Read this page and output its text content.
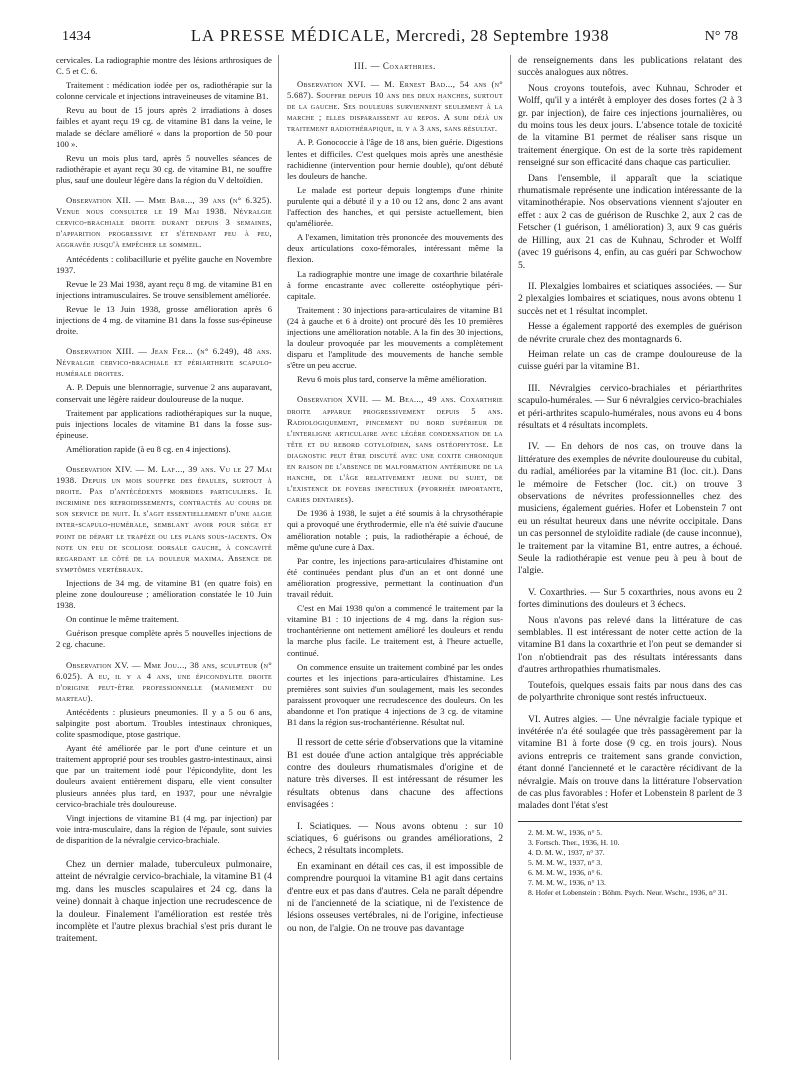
1434	LA PRESSE MÉDICALE, Mercredi, 28 Septembre 1938	N° 78

cervicales. La radiographie montre des lésions arthrosiques de C. 5 et C. 6.

Traitement : médication iodée per os, radiothérapie sur la colonne cervicale et injections intraveineuses de vitamine B1.

Revu au bout de 15 jours après 2 irradiations à doses faibles et ayant reçu 19 cg. de vitamine B1 dans la veine, le malade se déclare amélioré « dans la proportion de 50 pour 100 ».

Revu un mois plus tard, après 5 nouvelles séances de radiothérapie et ayant reçu 30 cg. de vitamine B1, ne souffre plus, sauf une douleur légère dans la région du V deltoïdien.

Observation XII. — Mme Bar..., 39 ans (n° 6.325). Venue nous consulter le 19 Mai 1938. Névralgie cervico-brachiale droite durant depuis 3 semaines, d'apparition progressive et s'étendant peu à peu, aggravée jusqu'à empêcher le sommeil.

Antécédents : colibacillurie et pyélite gauche en Novembre 1937.

Revue le 23 Mai 1938, ayant reçu 8 mg. de vitamine B1 en injections intramusculaires. Se trouve sensiblement améliorée.

Revue le 13 Juin 1938, grosse amélioration après 6 injections de 4 mg. de vitamine B1 dans la fosse sus-épineuse droite.

Observation XIII. — Jean Fer... (n° 6.249), 48 ans. Névralgie cervico-brachiale et périarthrite scapulo-humérale droites.

A. P. Depuis une blennorragie, survenue 2 ans auparavant, conservait une légère raideur douloureuse de la nuque.

Traitement par applications radiothérapiques sur la nuque, puis injections locales de vitamine B1 dans la fosse sus-épineuse.

Amélioration rapide (à eu 8 cg. en 4 injections).

Observation XIV. — M. Laf..., 39 ans. Vu le 27 Mai 1938. Depuis un mois souffre des épaules, surtout à droite. Pas d'antécédents morbides particuliers. Il incrimine des refroidissements, contractés au cours de son service de nuit. Il s'agit essentiellement d'une algie inter-scapulo-humérale, semblant avoir pour siège et point de départ le trapèze ou les plans sous-jacents. On note un peu de scoliose dorsale gauche, à concavité regardant le côté de la douleur maxima. Absence de symptômes vertébraux.

Injections de 34 mg. de vitamine B1 (en quatre fois) en pleine zone douloureuse ; amélioration constatée le 10 Juin 1938.

On continue le même traitement.

Guérison presque complète après 5 nouvelles injections de 2 cg. chacune.

Observation XV. — Mme Jou..., 38 ans, sculpteur (n° 6.025). A eu, il y a 4 ans, une épicondylite droite d'origine peut-être professionnelle (maniement du marteau).

Antécédents : plusieurs pneumonies. Il y a 5 ou 6 ans, salpingite post abortum. Troubles intestinaux chroniques, colite spasmodique, ptose gastrique.

Ayant été améliorée par le port d'une ceinture et un traitement approprié pour ses troubles gastro-intestinaux, ainsi que par un traitement iodé pour l'épicondylite, dont les douleurs avaient entièrement disparu, elle vient consulter plusieurs années plus tard, en 1937, pour une névralgie cervico-brachiale très douloureuse.

Vingt injections de vitamine B1 (4 mg. par injection) par voie intra-musculaire, dans la région de l'épaule, sont suivies de disparition de la névralgie cervico-brachiale.

Chez un dernier malade, tuberculeux pulmonaire, atteint de névralgie cervico-brachiale, la vitamine B1 (4 mg. dans les muscles scapulaires et 24 cg. dans la veine) donnait à chaque injection une recrudescence de la douleur. Finalement l'amélioration est restée très incomplète et l'autre plexus brachial s'est pris durant le traitement.

III. — Coxarthries.

Observation XVI. — M. Ernest Bad..., 54 ans (n° 5.687). Souffre depuis 10 ans des deux hanches, surtout de la gauche. Ses douleurs surviennent seulement à la marche ; elles disparaissent au repos. A subi déjà un traitement radiothérapique, il y a 3 ans, sans résultat.

A. P. Gonococcie à l'âge de 18 ans, bien guérie. Digestions lentes et difficiles. C'est quelques mois après une anesthésie rachidienne (intervention pour hernie double), qu'ont débuté les douleurs de hanche.

Le malade est porteur depuis longtemps d'une rhinite purulente qui a débuté il y a 10 ou 12 ans, donc 2 ans avant l'affection des hanches, et qui persiste actuellement, bien qu'améliorée.

A l'examen, limitation très prononcée des mouvements des deux articulations coxo-fémorales, intéressant même la flexion.

La radiographie montre une image de coxarthrie bilatérale à forme encastrante avec collerette ostéophytique péri-capitale.

Traitement : 30 injections para-articulaires de vitamine B1 (24 à gauche et 6 à droite) ont procuré dès les 10 premières injections une amélioration notable. A la fin des 30 injections, la douleur provoquée par les mouvements a complètement disparu et l'amplitude des mouvements de hanche semble s'être un peu accrue.

Revu 6 mois plus tard, conserve la même amélioration.

Observation XVII. — M. Bea..., 49 ans. Coxarthrie droite apparue progressivement depuis 5 ans. Radiologiquement, pincement du bord supérieur de l'interligne articulaire avec légère condensation de la tête et du rebord cotyloïdien, sans ostéophytose. Le diagnostic peut être discuté avec une coxite chronique en raison de l'absence de malformation antérieure de la hanche, de l'âge relativement jeune du sujet, de l'existence de foyers infectieux (pyorrhée importante, caries dentaires).

De 1936 à 1938, le sujet a été soumis à la chrysothérapie qui a provoqué une érythrodermie, elle n'a été suivie d'aucune amélioration notable ; puis, la radiothérapie a échoué, de même qu'une cure à Dax.

Par contre, les injections para-articulaires d'histamine ont été continuées pendant plus d'un an et ont donné une amélioration progressive, permettant la continuation d'un travail réduit.

C'est en Mai 1938 qu'on a commencé le traitement par la vitamine B1 : 10 injections de 4 mg. dans la région sus-trochantérienne ont nettement amélioré les douleurs et rendu la marche plus facile. Le traitement est, à l'heure actuelle, continué.

On commence ensuite un traitement combiné par les ondes courtes et les injections para-articulaires d'histamine. Les premières sont suivies d'un soulagement, mais les secondes paraissent provoquer une recrudescence des douleurs. On les abandonne et l'on pratique 4 injections de 3 cg. de vitamine B1 dans la région sus-trochantérienne. Résultat nul.

Il ressort de cette série d'observations que la vitamine B1 est douée d'une action antalgique très appréciable contre des douleurs rhumatismales d'origine et de nature très diverses. Il est intéressant de résumer les résultats obtenus dans chacune des affections envisagées :

I. Sciatiques. — Nous avons obtenu : sur 10 sciatiques, 6 guérisons ou grandes améliorations, 2 échecs, 2 résultats incomplets.

En examinant en détail ces cas, il est impossible de comprendre pourquoi la vitamine B1 agit dans certains d'entre eux et pas dans d'autres. Cela ne paraît dépendre ni de l'ancienneté de la sciatique, ni de l'existence de lésions osseuses vertébrales, ni de l'origine, infectieuse ou non, de l'algie. On ne trouve pas davantage

de renseignements dans les publications relatant des succès analogues aux nôtres.

Nous croyons toutefois, avec Kuhnau, Schroder et Wolff, qu'il y a intérêt à employer des doses fortes (2 à 3 gr. par injection), de faire ces injections journalières, ou du moins tous les deux jours. L'absence totale de toxicité de la vitamine B1 permet de réaliser sans risque un traitement énergique. On est de la sorte très rapidement renseigné sur son efficacité dans chaque cas particulier.

Dans l'ensemble, il apparaît que la sciatique rhumatismale représente une indication intéressante de la vitaminothérapie. Nos observations viennent s'ajouter en effet : aux 2 cas de guérison de Ruschke 2, aux 2 cas de Fetscher (1 guérison, 1 amélioration) 3, aux 9 cas guéris de Hilling, aux 21 cas de Kuhnau, Schroder et Wolff (avec 19 guérisons 4, enfin, au cas guéri par Schwochow 5.

II. Plexalgies lombaires et sciatiques associées. — Sur 2 plexalgies lombaires et sciatiques, nous avons obtenu 1 succès net et 1 résultat incomplet.

Hesse a également rapporté des exemples de guérison de névrite crurale chez des montagnards 6.

Heiman relate un cas de crampe douloureuse de la cuisse guéri par la vitamine B1.

III. Névralgies cervico-brachiales et périarthrites scapulo-humérales. — Sur 6 névralgies cervico-brachiales et péri-arthrites scapulo-humérales, nous avons eu 4 bons résultats et 4 résultats incomplets.

IV. — En dehors de nos cas, on trouve dans la littérature des exemples de névrite douloureuse du cubital, du radial, améliorées par la vitamine B1 (loc. cit.). Dans le mémoire de Fetscher (loc. cit.) on trouve 3 observations de névrites professionnelles chez des musiciens, également guéries. Hofer et Lobenstein 7 ont eu un résultat heureux dans une névrite occipitale. Dans un cas personnel de styloïdite radiale (de cause inconnue), le traitement par la vitamine B1, entre autres, a échoué. Seule la radiothérapie est venue peu à peu à bout de l'algie.

V. Coxarthries. — Sur 5 coxarthries, nous avons eu 2 fortes diminutions des douleurs et 3 échecs.

Nous n'avons pas relevé dans la littérature de cas semblables. Il est intéressant de noter cette action de la vitamine B1 dans la coxarthrie et l'on peut se demander si l'on n'obtiendrait pas des résultats intéressants dans d'autres arthropathies rhumatismales.

Toutefois, quelques essais faits par nous dans des cas de polyarthrite chronique sont restés infructueux.

VI. Autres algies. — Une névralgie faciale typique et invétérée n'a été soulagée que très passagèrement par la vitamine B1 à forte dose (9 cg. en trois jours). Nous avions entrepris ce traitement sans grande conviction, étant donné l'ancienneté et le caractère récidivant de la névralgie. Mais on trouve dans la littérature l'observation de cas plus favorables : Hofer et Lobenstein 8 parlent de 3 malades dont l'état s'est

2. M. M. W., 1936, n° 5.
3. Fortsch. Ther., 1936, H. 10.
4. D. M. W., 1937, n° 37.
5. M. M. W., 1937, n° 3.
6. M. M. W., 1936, n° 6.
7. M. M. W., 1936, n° 13.
8. Hofer et Lobenstein : Böhm. Psych. Neur. Wschr., 1936, n° 31.
